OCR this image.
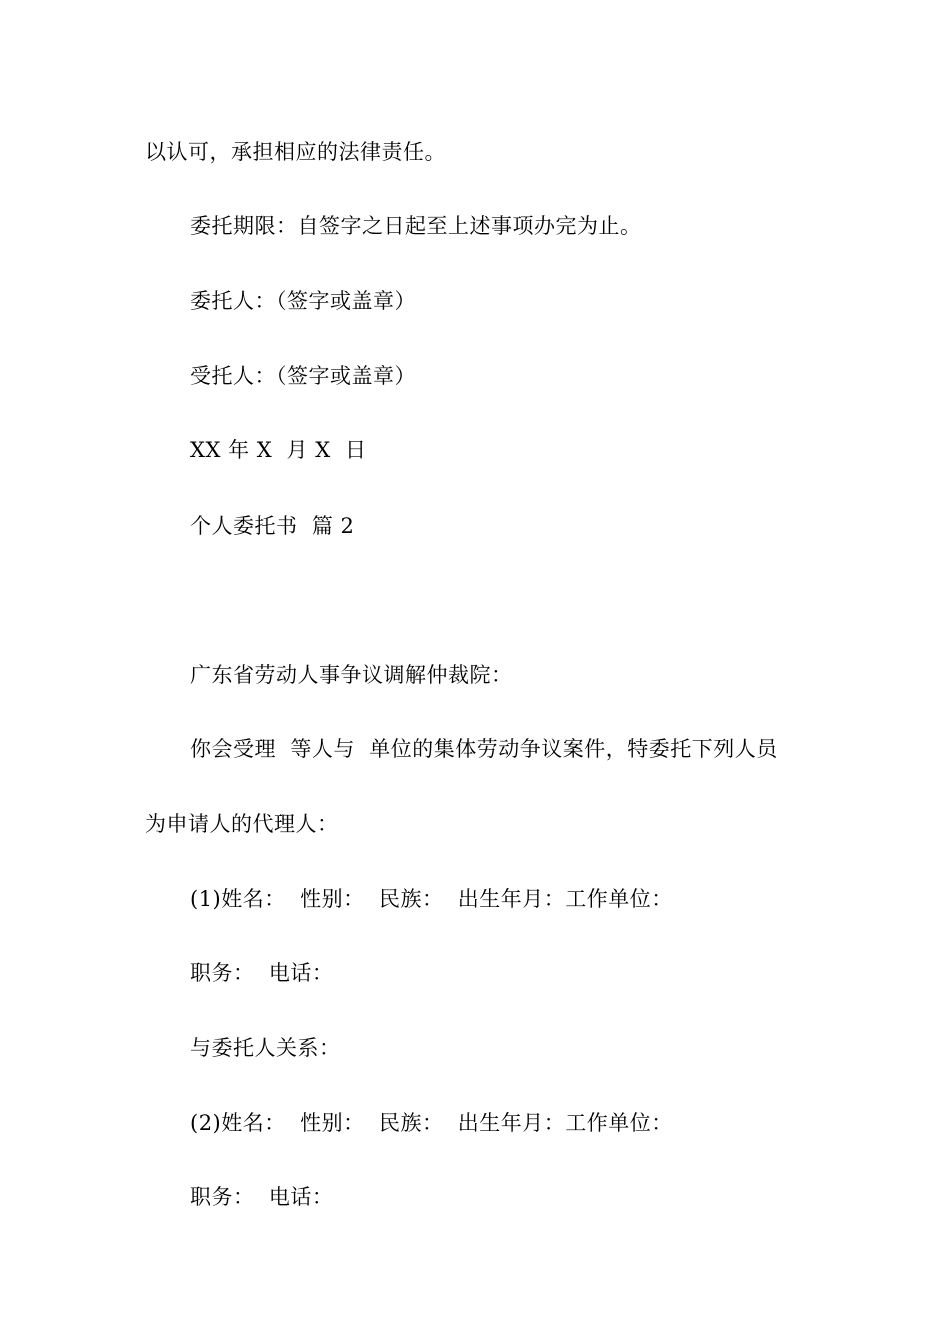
以认可，承担相应的法律责任。
委托期限：自签字之日起至上述事项办完为止。
委托人：（签字或盖章）
受托人：（签字或盖章）
XX 年 X  月 X  日
个人委托书  篇 2
广东省劳动人事争议调解仲裁院：
你会受理  等人与  单位的集体劳动争议案件，特委托下列人员
为申请人的代理人：
(1)姓名：  性别：  民族：  出生年月：工作单位：
职务：  电话：
与委托人关系：
(2)姓名：  性别：  民族：  出生年月：工作单位：
职务：  电话：
